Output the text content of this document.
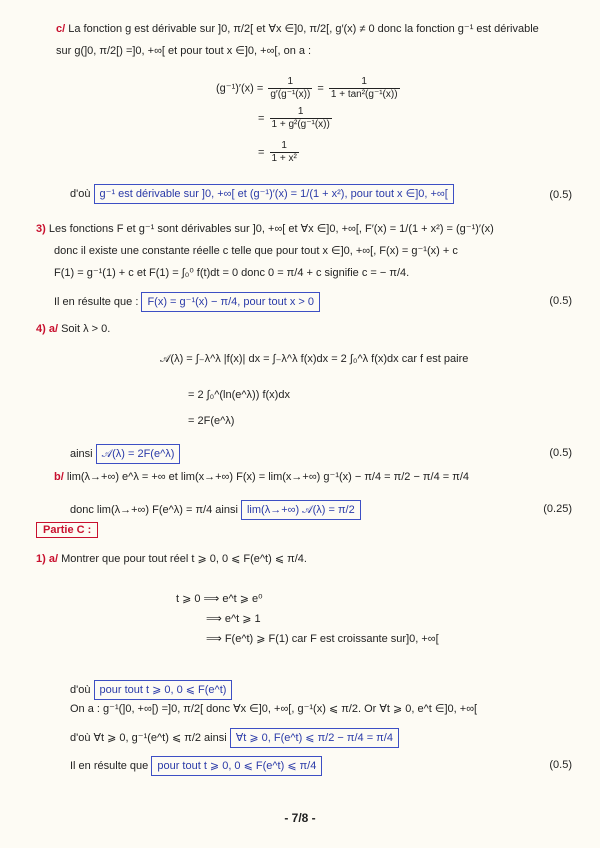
c/ La fonction g est dérivable sur ]0, π/2[ et ∀x ∈]0, π/2[, g′(x) ≠ 0 donc la fonction g⁻¹ est dérivable
sur g(]0, π/2[) =]0, +∞[ et pour tout x ∈]0, +∞[, on a :
$(g^{-1})'(x) = \frac{1}{\text{g′(g⁻¹(x))}} = \frac{1}{\text{1 + tan²(g⁻¹(x))}}$
= $\frac{1}{\text{1 + g²(g⁻¹(x))}}$
= $\frac{1}{\text{1 + x²}}$
d'où g⁻¹ est dérivable sur ]0, +∞[ et (g⁻¹)′(x) = 1/(1 + x²), pour tout x ∈]0, +∞[	(0.5)
3) Les fonctions F et g⁻¹ sont dérivables sur ]0, +∞[ et ∀x ∈]0, +∞[, F′(x) = 1/(1 + x²) = (g⁻¹)′(x)
donc il existe une constante réelle c telle que pour tout x ∈]0, +∞[, F(x) = g⁻¹(x) + c
F(1) = g⁻¹(1) + c et F(1) = ∫₀⁰ f(t)dt = 0 donc 0 = π/4 + c signifie c = − π/4.
Il en résulte que : F(x) = g⁻¹(x) − π/4, pour tout x > 0	(0.5)
4) a/ Soit λ > 0.
𝒜(λ) = ∫₋λ^λ |f(x)| dx = ∫₋λ^λ f(x)dx = 2 ∫₀^λ f(x)dx car f est paire
= 2 ∫₀^(ln(e^λ)) f(x)dx
= 2F(e^λ)
ainsi 𝒜(λ) = 2F(e^λ)	(0.5)
b/ lim(λ→+∞) e^λ = +∞ et lim(x→+∞) F(x) = lim(x→+∞) g⁻¹(x) − π/4 = π/2 − π/4 = π/4
donc lim(λ→+∞) F(e^λ) = π/4 ainsi lim(λ→+∞) 𝒜(λ) = π/2	(0.25)
Partie C :
1) a/ Montrer que pour tout réel t ⩾ 0, 0 ⩽ F(e^t) ⩽ π/4.
t ⩾ 0 ⟹ e^t ⩾ e⁰
⟹ e^t ⩾ 1
⟹ F(e^t) ⩾ F(1) car F est croissante sur]0, +∞[
d'où pour tout t ⩾ 0, 0 ⩽ F(e^t)
On a : g⁻¹(]0, +∞[) =]0, π/2[ donc ∀x ∈]0, +∞[, g⁻¹(x) ⩽ π/2. Or ∀t ⩾ 0, e^t ∈]0, +∞[
d'où ∀t ⩾ 0, g⁻¹(e^t) ⩽ π/2 ainsi ∀t ⩾ 0, F(e^t) ⩽ π/2 − π/4 = π/4
Il en résulte que pour tout t ⩾ 0, 0 ⩽ F(e^t) ⩽ π/4	(0.5)
- 7/8 -
